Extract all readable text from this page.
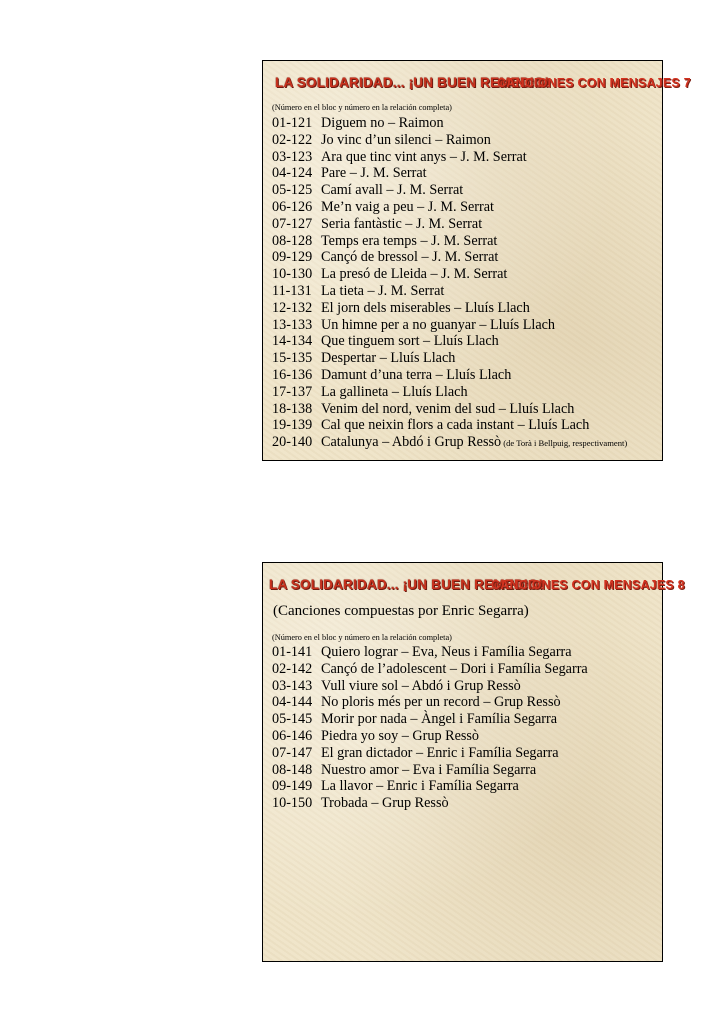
LA SOLIDARIDAD... ¡UN BUEN REMEDIO!
CANCIONES CON MENSAJES 7
(Número en el bloc y número en la relación completa)
01-121 Diguem no – Raimon
02-122 Jo vinc d’un silenci – Raimon
03-123 Ara que tinc vint anys – J. M. Serrat
04-124 Pare – J. M. Serrat
05-125 Camí avall – J. M. Serrat
06-126 Me’n vaig a peu – J. M. Serrat
07-127 Seria fantàstic – J. M. Serrat
08-128 Temps era temps – J. M. Serrat
09-129 Cançó de bressol – J. M. Serrat
10-130 La presó de Lleida – J. M. Serrat
11-131 La tieta – J. M. Serrat
12-132 El jorn dels miserables – Lluís Llach
13-133 Un himne per a no guanyar – Lluís Llach
14-134 Que tinguem sort – Lluís Llach
15-135 Despertar – Lluís Llach
16-136 Damunt d’una terra – Lluís Llach
17-137 La gallineta – Lluís Llach
18-138 Venim del nord, venim del sud – Lluís Llach
19-139 Cal que neixin flors a cada instant – Lluís Lach
20-140 Catalunya – Abdó i Grup Ressò (de Torà i Bellpuig, respectivament)
LA SOLIDARIDAD... ¡UN BUEN REMEDIO!
CANCIONES CON MENSAJES 8
(Canciones compuestas por Enric Segarra)
(Número en el bloc y número en la relación completa)
01-141 Quiero lograr – Eva, Neus i Família Segarra
02-142 Cançó de l’adolescent – Dori i Família Segarra
03-143 Vull viure sol – Abdó i Grup Ressò
04-144 No ploris més per un record – Grup Ressò
05-145 Morir por nada – Àngel i Família Segarra
06-146 Piedra yo soy – Grup Ressò
07-147 El gran dictador – Enric i Família Segarra
08-148 Nuestro amor – Eva i Família Segarra
09-149 La llavor – Enric i Família Segarra
10-150 Trobada – Grup Ressò
